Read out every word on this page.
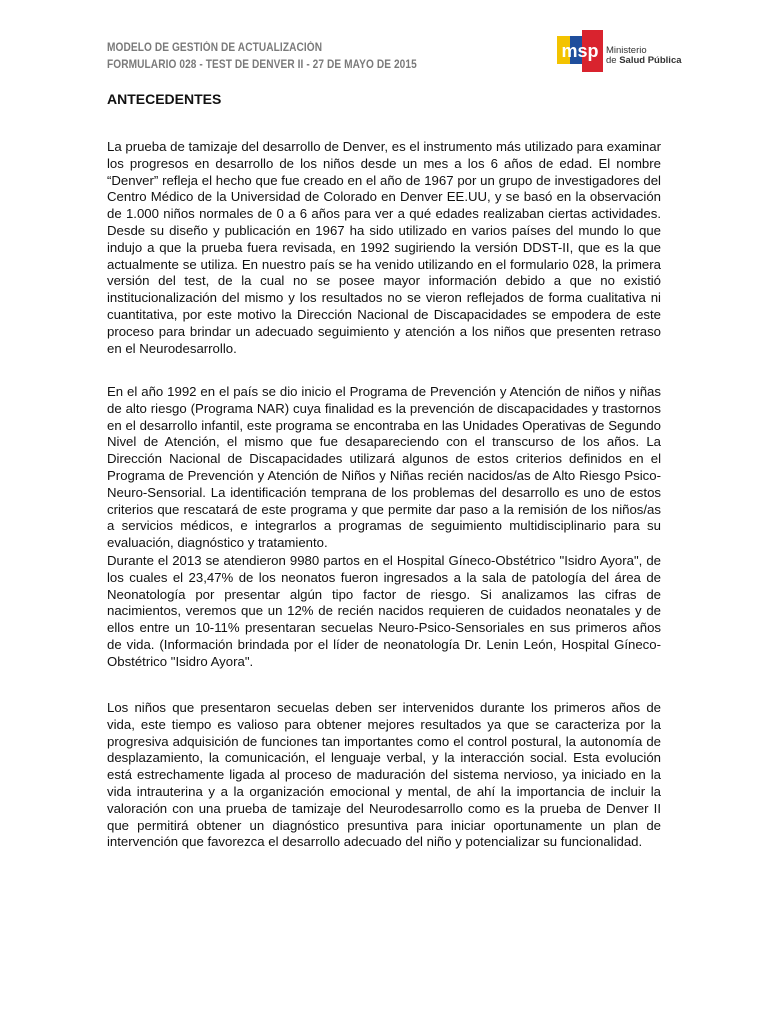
MODELO DE GESTIÓN DE ACTUALIZACIÓN
FORMULARIO 028 - TEST DE DENVER II - 27 DE MAYO DE 2015
msp Ministerio
de Salud Pública
ANTECEDENTES

La prueba de tamizaje del desarrollo de Denver, es el instrumento más utilizado para examinar los progresos en desarrollo de los niños desde un mes a los 6 años de edad. El nombre “Denver” refleja el hecho que fue creado en el año de 1967 por un grupo de investigadores del Centro Médico de la Universidad de Colorado en Denver EE.UU, y se basó en la observación de 1.000 niños normales de 0 a 6 años para ver a qué edades realizaban ciertas actividades. Desde su diseño y publicación en 1967 ha sido utilizado en varios países del mundo lo que indujo a que la prueba fuera revisada, en 1992 sugiriendo la versión DDST-II, que es la que actualmente se utiliza. En nuestro país se ha venido utilizando en el formulario 028, la primera versión del test, de la cual no se posee mayor información debido a que no existió institucionalización del mismo y los resultados no se vieron reflejados de forma cualitativa ni cuantitativa, por este motivo la Dirección Nacional de Discapacidades se empodera de este proceso para brindar un adecuado seguimiento y atención a los niños que presenten retraso en el Neurodesarrollo.

En el año 1992 en el país se dio inicio el Programa de Prevención y Atención de niños y niñas de alto riesgo (Programa NAR) cuya finalidad es la prevención de discapacidades y trastornos en el desarrollo infantil, este programa se encontraba en las Unidades Operativas de Segundo Nivel de Atención, el mismo que fue desapareciendo con el transcurso de los años. La Dirección Nacional de Discapacidades utilizará algunos de estos criterios definidos en el Programa de Prevención y Atención de Niños y Niñas recién nacidos/as de Alto Riesgo Psico-Neuro-Sensorial. La identificación temprana de los problemas del desarrollo es uno de estos criterios que rescatará de este programa y que permite dar paso a la remisión de los niños/as a servicios médicos, e integrarlos a programas de seguimiento multidisciplinario para su evaluación, diagnóstico y tratamiento.

Durante el 2013 se atendieron 9980 partos en el Hospital Gíneco-Obstétrico "Isidro Ayora", de los cuales el 23,47% de los neonatos fueron ingresados a la sala de patología del área de Neonatología por presentar algún tipo factor de riesgo. Si analizamos las cifras de nacimientos, veremos que un 12% de recién nacidos requieren de cuidados neonatales y de ellos entre un 10-11% presentaran secuelas Neuro-Psico-Sensoriales en sus primeros años de vida. (Información brindada por el líder de neonatología Dr. Lenin León, Hospital Gíneco-Obstétrico "Isidro Ayora".

Los niños que presentaron secuelas deben ser intervenidos durante los primeros años de vida, este tiempo es valioso para obtener mejores resultados ya que se caracteriza por la progresiva adquisición de funciones tan importantes como el control postural, la autonomía de desplazamiento, la comunicación, el lenguaje verbal, y la interacción social. Esta evolución está estrechamente ligada al proceso de maduración del sistema nervioso, ya iniciado en la vida intrauterina y a la organización emocional y mental, de ahí la importancia de incluir la valoración con una prueba de tamizaje del Neurodesarrollo como es la prueba de Denver II que permitirá obtener un diagnóstico presuntiva para iniciar oportunamente un plan de intervención que favorezca el desarrollo adecuado del niño y potencializar su funcionalidad.
